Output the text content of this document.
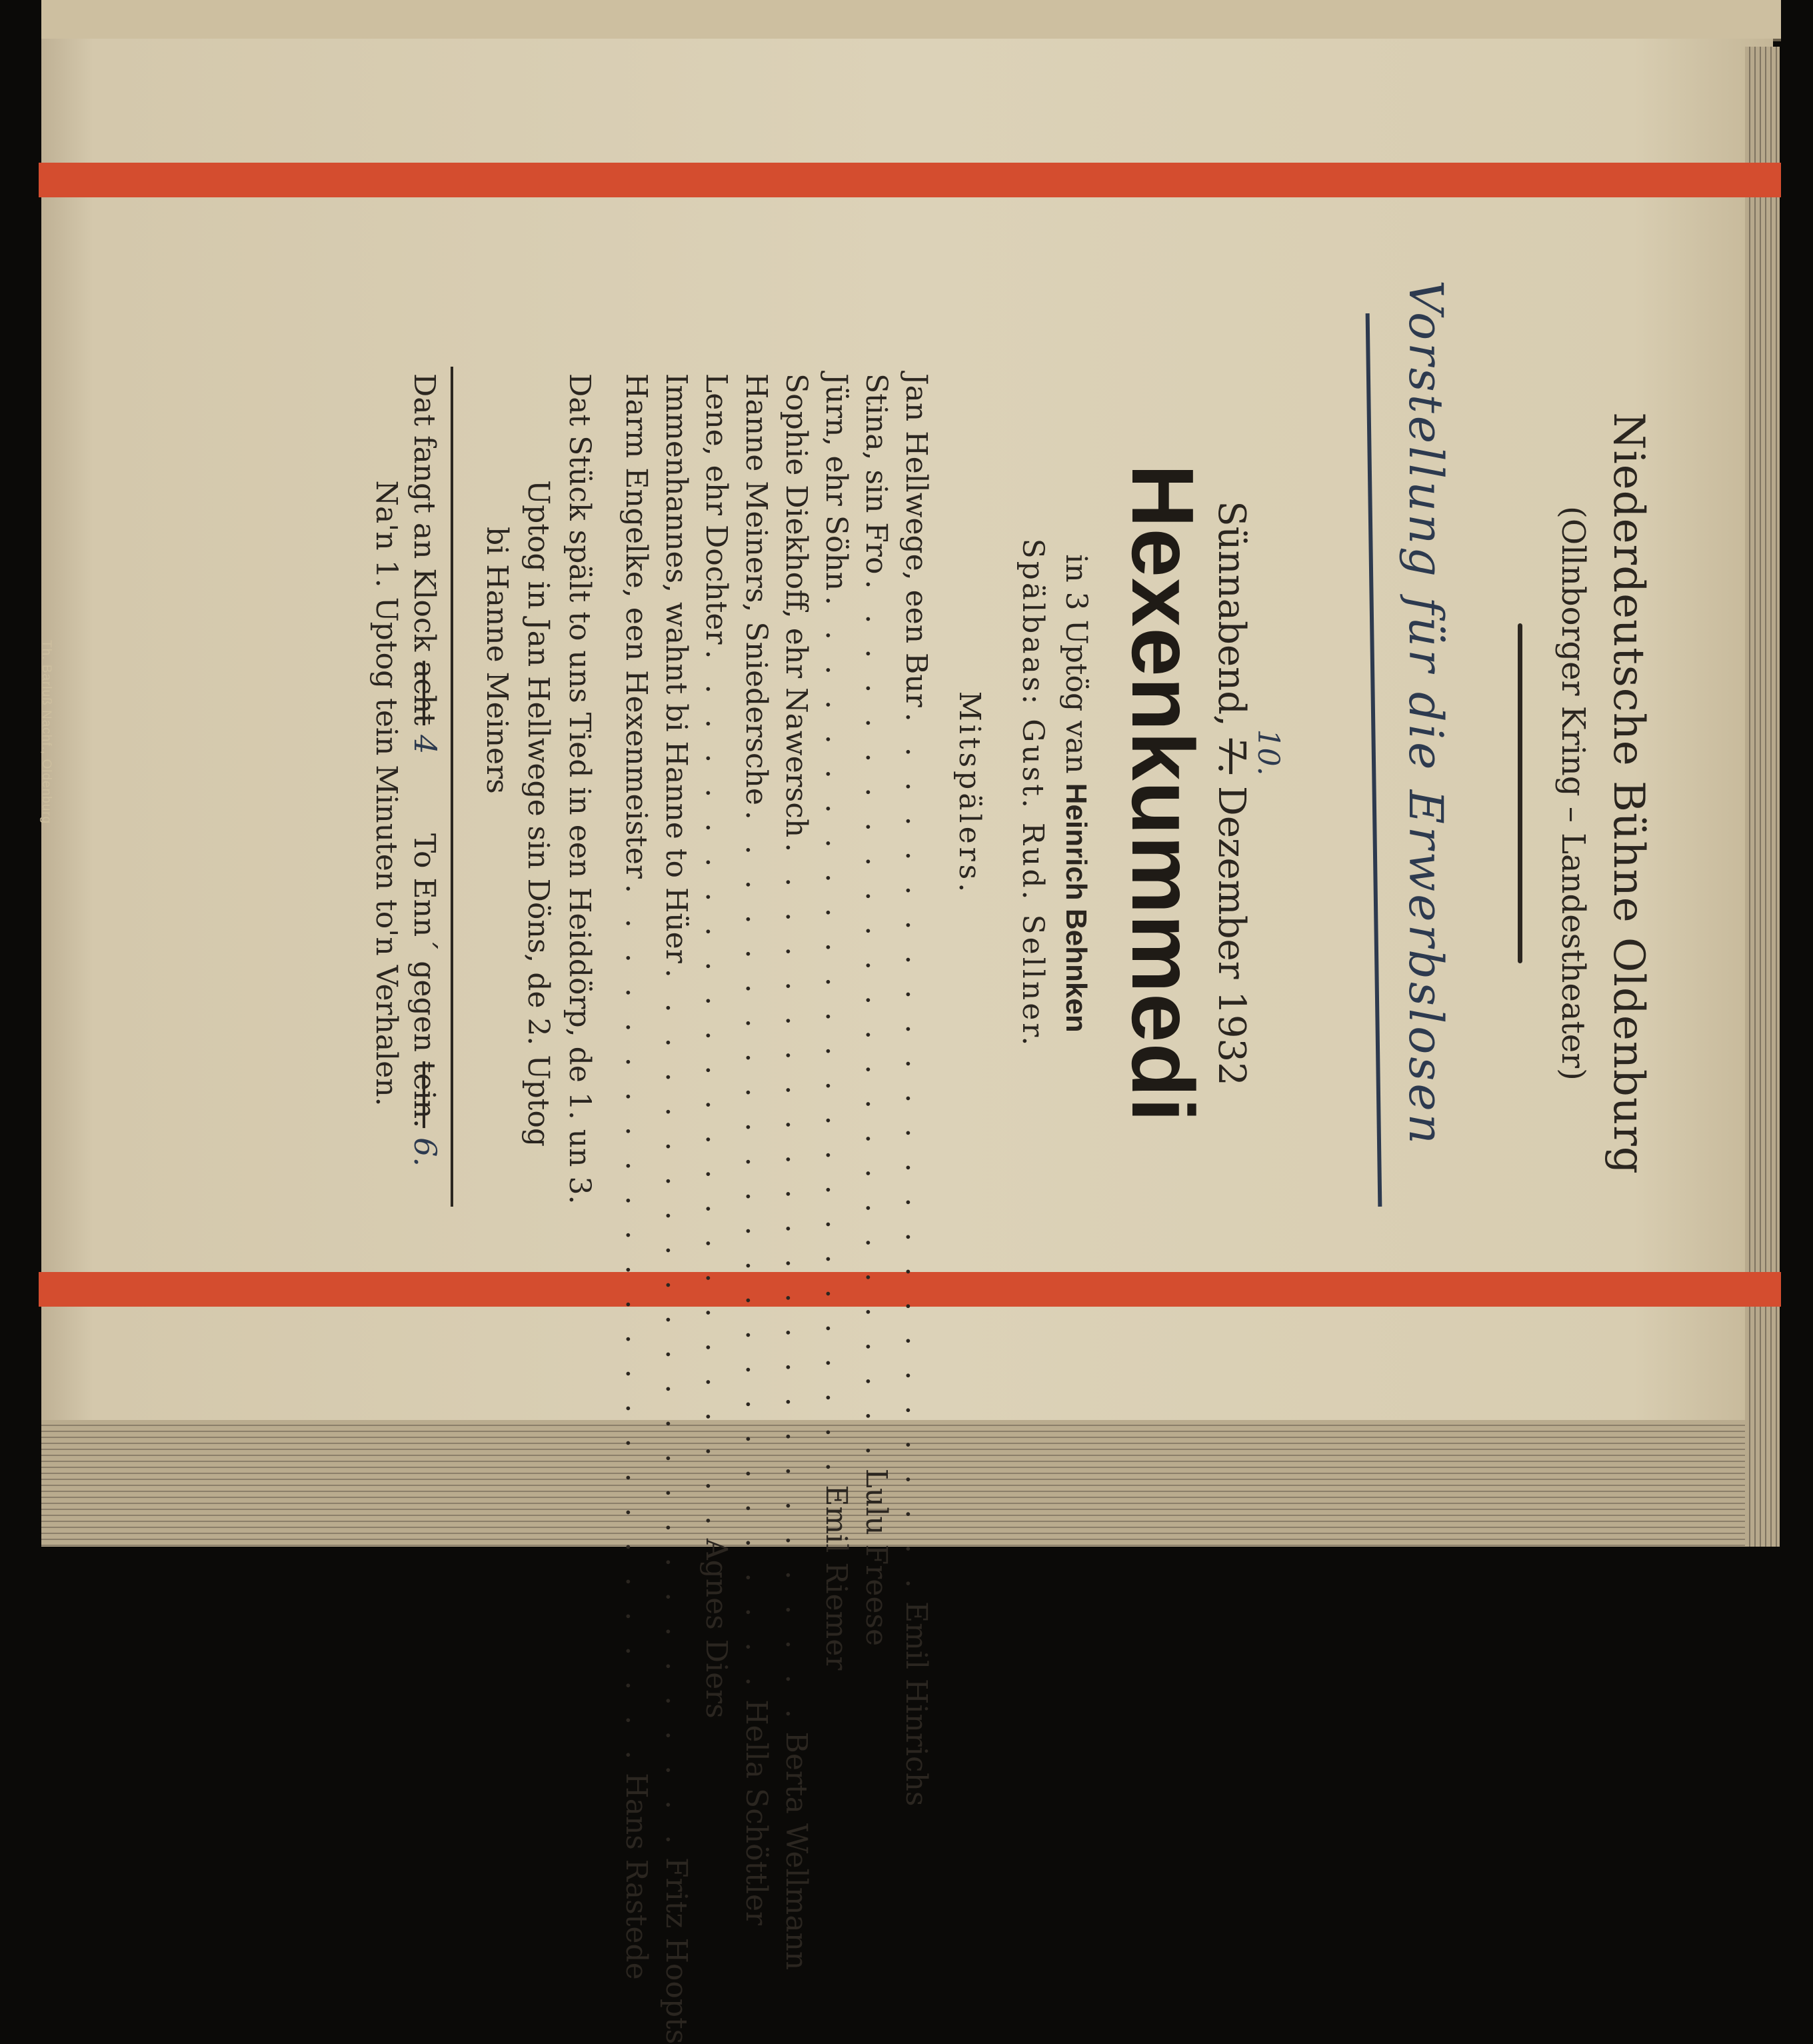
Th. Barluß Nachf., Oldenburg	Niederdeutsche Bühne Oldenburg
(Ollnborger Kring – Landestheater)
Vorstellung für die Erwerbslosen
Sünnabend, 7.
10.
Dezember 1932
Hexenkummedi
in 3 Uptög van Heinrich Behnken
Spälbaas: Gust. Rud. Sellner.
Mitspälers.
Jan Hellwege, een Bur
. . . . . . . . . . . . . . . . . . . . . . . . . .
Emil Hinrichs
Stina, sin Fro
. . . . . . . . . . . . . . . . . . . . . . . . . .
Lulu Freese
Jürn, ehr Söhn
. . . . . . . . . . . . . . . . . . . . . . . . . .
Emil Riemer
Sophie Diekhoff, ehr Nawersch
. . . . . . . . . . . . . . . . . . . . . . . . . .
Berta Wellmann
Hanne Meiners, Sniedersche
. . . . . . . . . . . . . . . . . . . . . . . . . .
Hella Schöttler
Lene, ehr Dochter
. . . . . . . . . . . . . . . . . . . . . . . . . .
Agnes Diers
Immenhannes, wahnt bi Hanne to Hüer
. . . . . . . . . . . . . . . . . . . . . . . . . .
Fritz Hoopts
Harm Engelke, een Hexenmeister
. . . . . . . . . . . . . . . . . . . . . . . . . .
Hans Rastede
Dat Stück spält to uns Tied in een Heiddörp, de 1. un 3.
Uptog in Jan Hellwege sin Döns, de 2. Uptog
bi Hanne Meiners
Dat fangt an Klock acht 4
To Enn´ gegen tein. 6.
Na'n 1. Uptog tein Minuten to'n Verhalen.
